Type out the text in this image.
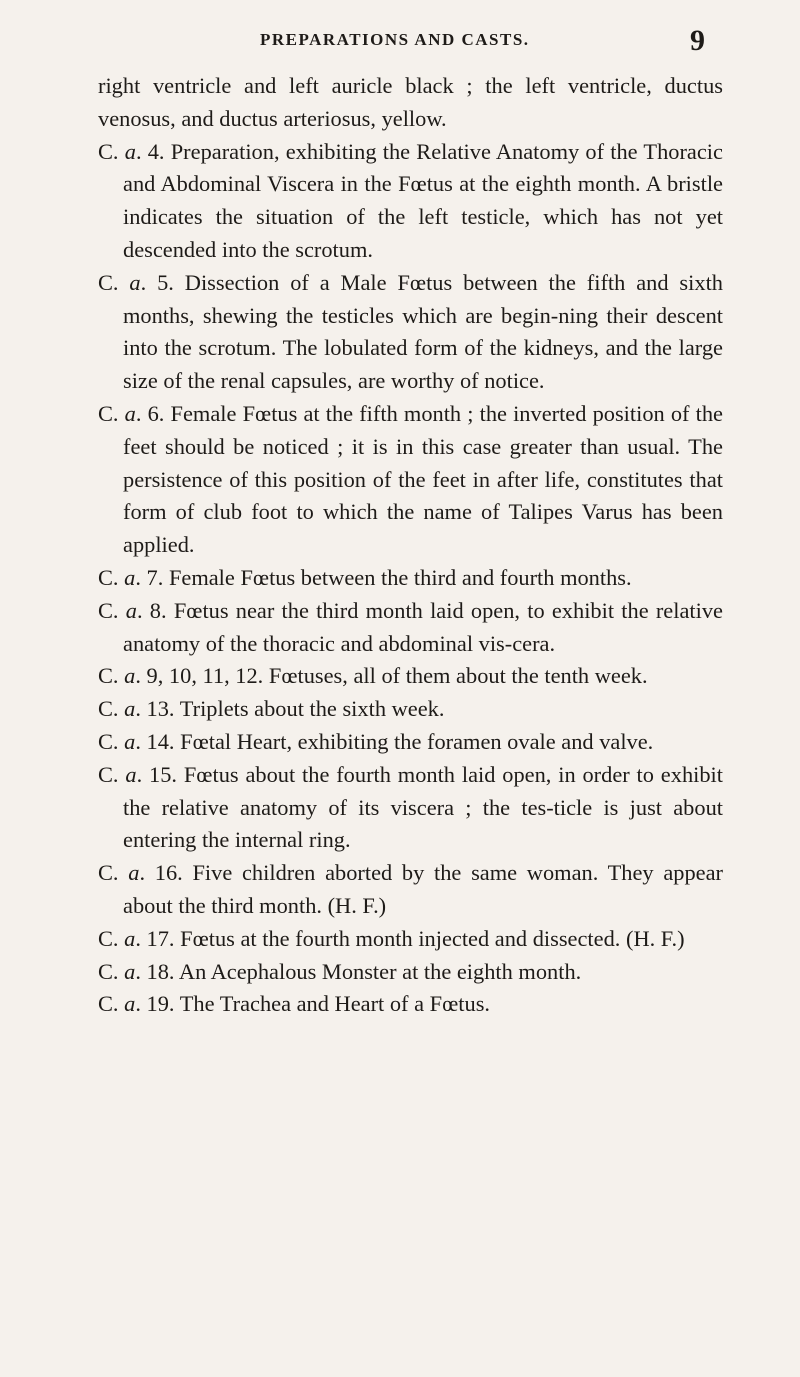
PREPARATIONS AND CASTS.	9

right ventricle and left auricle black ; the left ventricle, ductus venosus, and ductus arteriosus, yellow.

C. a. 4. Preparation, exhibiting the Relative Anatomy of the Thoracic and Abdominal Viscera in the Fœtus at the eighth month. A bristle indicates the situation of the left testicle, which has not yet descended into the scrotum.

C. a. 5. Dissection of a Male Fœtus between the fifth and sixth months, shewing the testicles which are begin-ning their descent into the scrotum. The lobulated form of the kidneys, and the large size of the renal capsules, are worthy of notice.

C. a. 6. Female Fœtus at the fifth month ; the inverted position of the feet should be noticed ; it is in this case greater than usual. The persistence of this position of the feet in after life, constitutes that form of club foot to which the name of Talipes Varus has been applied.

C. a. 7. Female Fœtus between the third and fourth months.

C. a. 8. Fœtus near the third month laid open, to exhibit the relative anatomy of the thoracic and abdominal vis-cera.

C. a. 9, 10, 11, 12. Fœtuses, all of them about the tenth week.

C. a. 13. Triplets about the sixth week.

C. a. 14. Fœtal Heart, exhibiting the foramen ovale and valve.

C. a. 15. Fœtus about the fourth month laid open, in order to exhibit the relative anatomy of its viscera ; the tes-ticle is just about entering the internal ring.

C. a. 16. Five children aborted by the same woman. They appear about the third month. (H. F.)

C. a. 17. Fœtus at the fourth month injected and dissected. (H. F.)

C. a. 18. An Acephalous Monster at the eighth month.

C. a. 19. The Trachea and Heart of a Fœtus.
